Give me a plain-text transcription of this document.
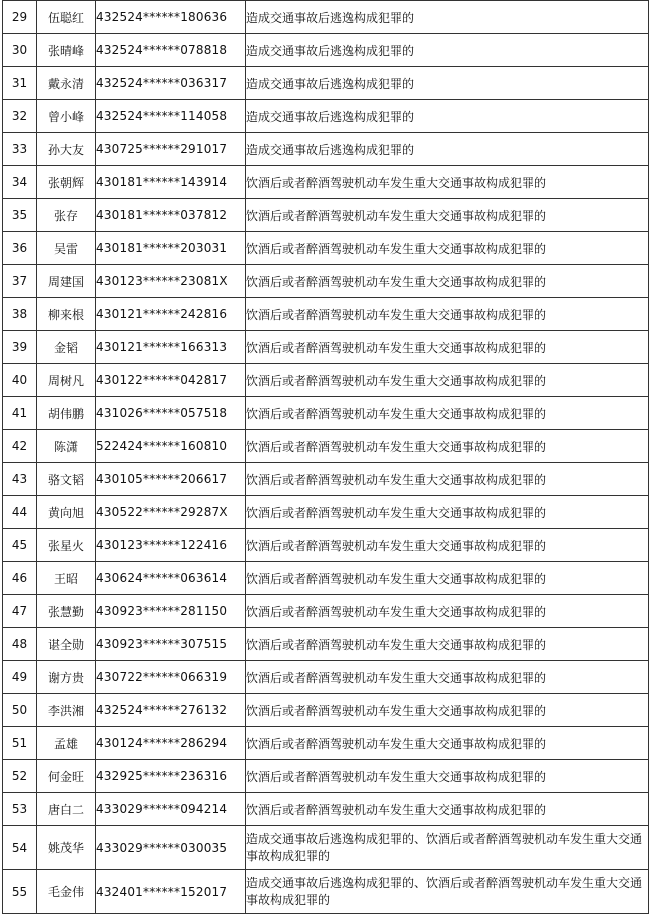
29	伍聪红	432524******180636	造成交通事故后逃逸构成犯罪的
30	张晴峰	432524******078818	造成交通事故后逃逸构成犯罪的
31	戴永清	432524******036317	造成交通事故后逃逸构成犯罪的
32	曾小峰	432524******114058	造成交通事故后逃逸构成犯罪的
33	孙大友	430725******291017	造成交通事故后逃逸构成犯罪的
34	张朝辉	430181******143914	饮酒后或者醉酒驾驶机动车发生重大交通事故构成犯罪的
35	张存	430181******037812	饮酒后或者醉酒驾驶机动车发生重大交通事故构成犯罪的
36	吴雷	430181******203031	饮酒后或者醉酒驾驶机动车发生重大交通事故构成犯罪的
37	周建国	430123******23081X	饮酒后或者醉酒驾驶机动车发生重大交通事故构成犯罪的
38	柳来根	430121******242816	饮酒后或者醉酒驾驶机动车发生重大交通事故构成犯罪的
39	金韬	430121******166313	饮酒后或者醉酒驾驶机动车发生重大交通事故构成犯罪的
40	周树凡	430122******042817	饮酒后或者醉酒驾驶机动车发生重大交通事故构成犯罪的
41	胡伟鹏	431026******057518	饮酒后或者醉酒驾驶机动车发生重大交通事故构成犯罪的
42	陈潇	522424******160810	饮酒后或者醉酒驾驶机动车发生重大交通事故构成犯罪的
43	骆文韬	430105******206617	饮酒后或者醉酒驾驶机动车发生重大交通事故构成犯罪的
44	黄向旭	430522******29287X	饮酒后或者醉酒驾驶机动车发生重大交通事故构成犯罪的
45	张星火	430123******122416	饮酒后或者醉酒驾驶机动车发生重大交通事故构成犯罪的
46	王昭	430624******063614	饮酒后或者醉酒驾驶机动车发生重大交通事故构成犯罪的
47	张慧勤	430923******281150	饮酒后或者醉酒驾驶机动车发生重大交通事故构成犯罪的
48	谌全勋	430923******307515	饮酒后或者醉酒驾驶机动车发生重大交通事故构成犯罪的
49	谢方贵	430722******066319	饮酒后或者醉酒驾驶机动车发生重大交通事故构成犯罪的
50	李洪湘	432524******276132	饮酒后或者醉酒驾驶机动车发生重大交通事故构成犯罪的
51	孟雄	430124******286294	饮酒后或者醉酒驾驶机动车发生重大交通事故构成犯罪的
52	何金旺	432925******236316	饮酒后或者醉酒驾驶机动车发生重大交通事故构成犯罪的
53	唐白二	433029******094214	饮酒后或者醉酒驾驶机动车发生重大交通事故构成犯罪的
54	姚茂华	433029******030035	造成交通事故后逃逸构成犯罪的、饮酒后或者醉酒驾驶机动车发生重大交通事故构成犯罪的
55	毛金伟	432401******152017	造成交通事故后逃逸构成犯罪的、饮酒后或者醉酒驾驶机动车发生重大交通事故构成犯罪的
